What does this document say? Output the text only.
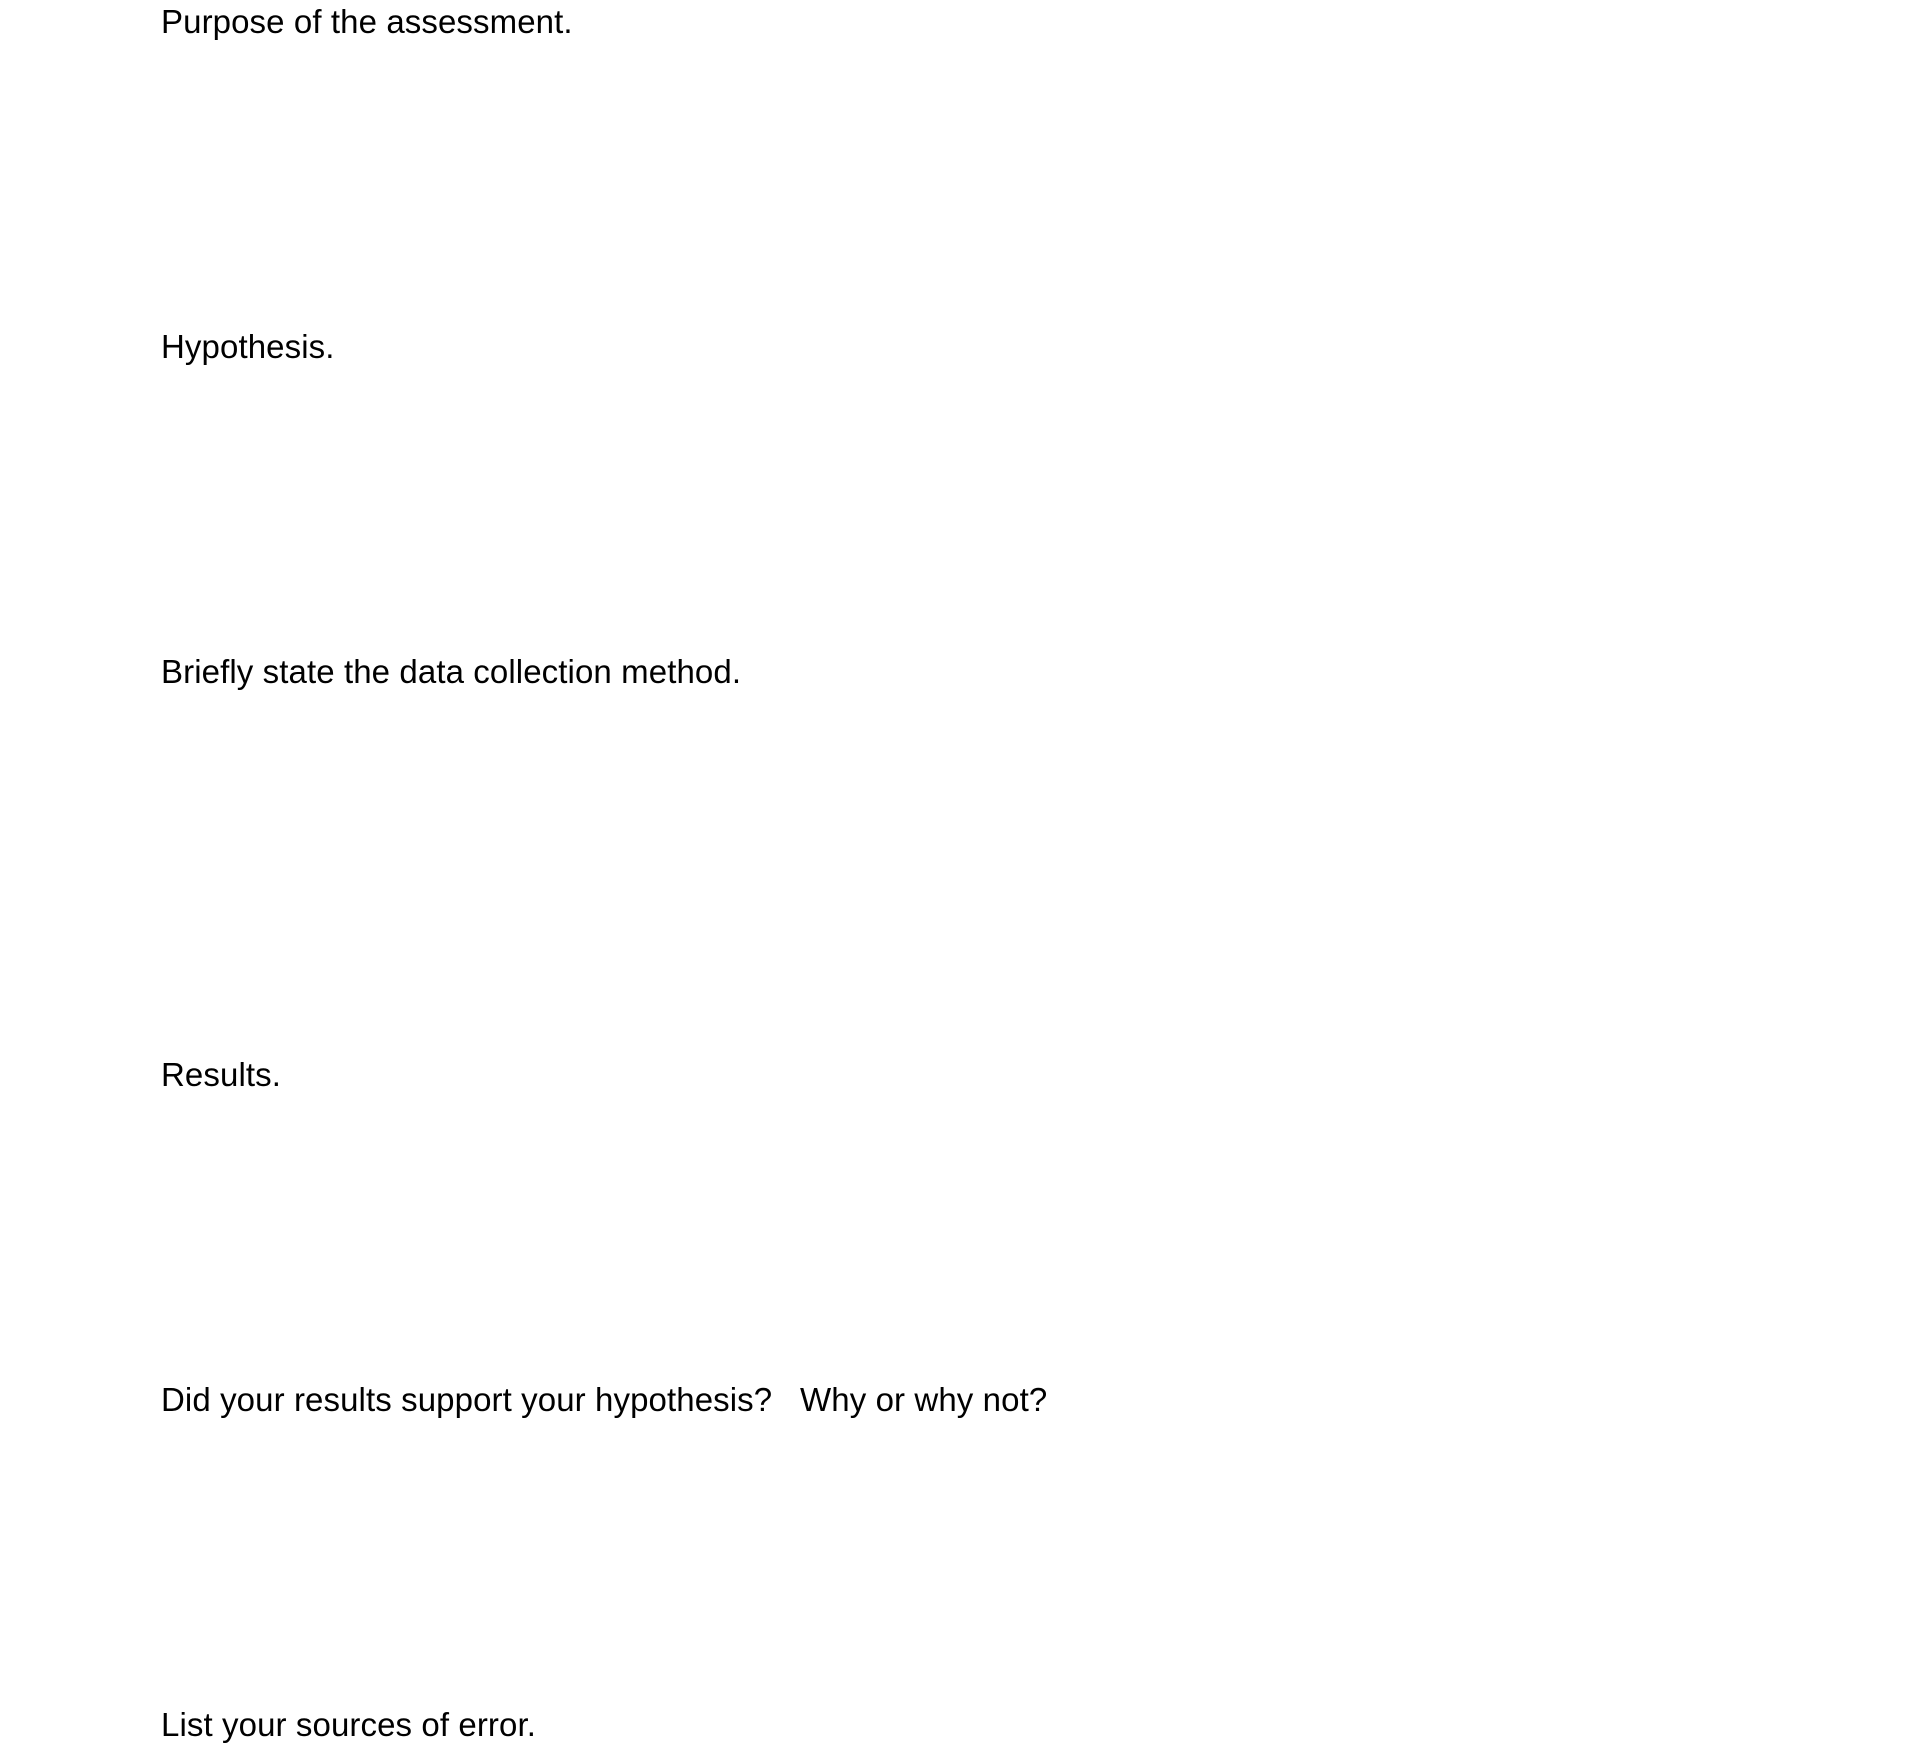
Purpose of the assessment.

Hypothesis.

Briefly state the data collection method.

Results.

Did your results support your hypothesis?   Why or why not?

List your sources of error.
